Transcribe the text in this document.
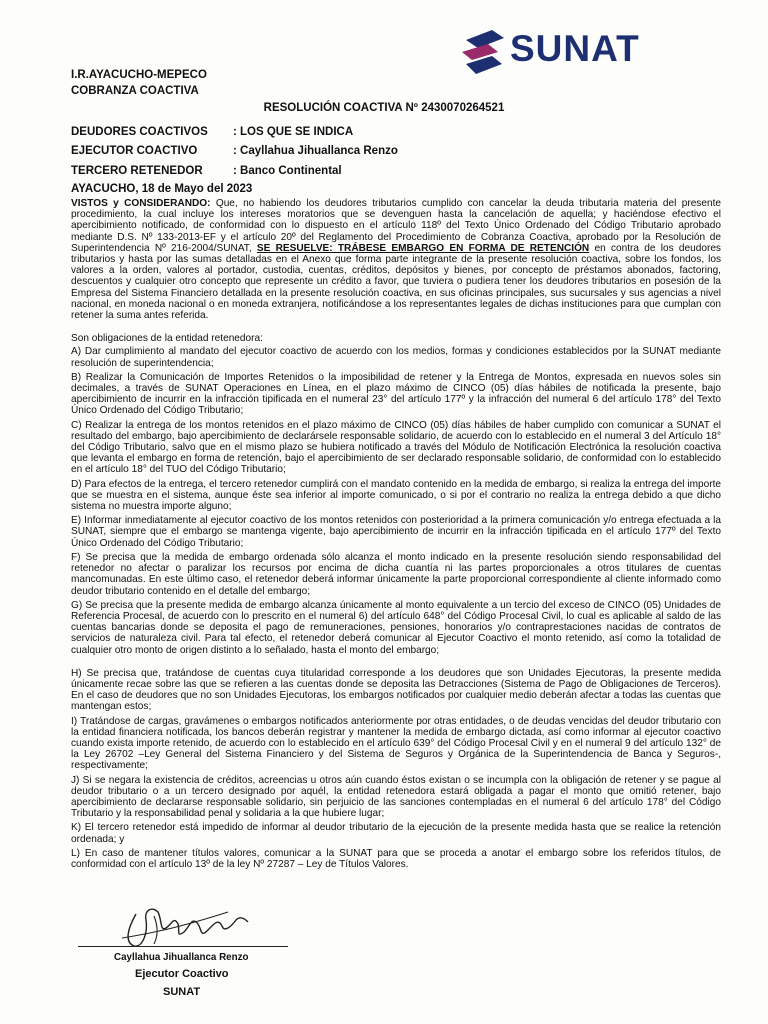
SUNAT
I.R.AYACUCHO-MEPECO
COBRANZA COACTIVA
RESOLUCIÓN COACTIVA Nº 2430070264521
DEUDORES COACTIVOS : LOS QUE SE INDICA
EJECUTOR COACTIVO	: Cayllahua Jihuallanca Renzo
TERCERO RETENEDOR	: Banco Continental
AYACUCHO, 18 de Mayo del 2023

VISTOS y CONSIDERANDO: Que, no habiendo los deudores tributarios cumplido con cancelar la deuda tributaria materia del presente procedimiento, la cual incluye los intereses moratorios que se devenguen hasta la cancelación de aquella; y haciéndose efectivo el apercibimiento notificado, de conformidad con lo dispuesto en el artículo 118º del Texto Único Ordenado del Código Tributario aprobado mediante D.S. Nº 133-2013-EF y el artículo 20º del Reglamento del Procedimiento de Cobranza Coactiva, aprobado por la Resolución de Superintendencia Nº 216-2004/SUNAT, SE RESUELVE: TRÁBESE EMBARGO EN FORMA DE RETENCIÓN en contra de los deudores tributarios y hasta por las sumas detalladas en el Anexo que forma parte integrante de la presente resolución coactiva, sobre los fondos, los valores a la orden, valores al portador, custodia, cuentas, créditos, depósitos y bienes, por concepto de préstamos abonados, factoring, descuentos y cualquier otro concepto que represente un crédito a favor, que tuviera o pudiera tener los deudores tributarios en posesión de la Empresa del Sistema Financiero detallada en la presente resolución coactiva, en sus oficinas principales, sus sucursales y sus agencias a nivel nacional, en moneda nacional o en moneda extranjera, notificándose a los representantes legales de dichas instituciones para que cumplan con retener la suma antes referida.

Son obligaciones de la entidad retenedora:

A) Dar cumplimiento al mandato del ejecutor coactivo de acuerdo con los medios, formas y condiciones establecidos por la SUNAT mediante resolución de superintendencia;

B) Realizar la Comunicación de Importes Retenidos o la imposibilidad de retener y la Entrega de Montos, expresada en nuevos soles sin decimales, a través de SUNAT Operaciones en Línea, en el plazo máximo de CINCO (05) días hábiles de notificada la presente, bajo apercibimiento de incurrir en la infracción tipificada en el numeral 23° del artículo 177º y la infracción del numeral 6 del artículo 178° del Texto Único Ordenado del Código Tributario;

C) Realizar la entrega de los montos retenidos en el plazo máximo de CINCO (05) días hábiles de haber cumplido con comunicar a SUNAT el resultado del embargo, bajo apercibimiento de declarársele responsable solidario, de acuerdo con lo establecido en el numeral 3 del Artículo 18° del Código Tributario, salvo que en el mismo plazo se hubiera notificado a través del Módulo de Notificación Electrónica la resolución coactiva que levanta el embargo en forma de retención, bajo el apercibimiento de ser declarado responsable solidario, de conformidad con lo establecido en el artículo 18° del TUO del Código Tributario;

D) Para efectos de la entrega, el tercero retenedor cumplirá con el mandato contenido en la medida de embargo, si realiza la entrega del importe que se muestra en el sistema, aunque éste sea inferior al importe comunicado, o si por el contrario no realiza la entrega debido a que dicho sistema no muestra importe alguno;

E) Informar inmediatamente al ejecutor coactivo de los montos retenidos con posterioridad a la primera comunicación y/o entrega efectuada a la SUNAT, siempre que el embargo se mantenga vigente, bajo apercibimiento de incurrir en la infracción tipificada en el artículo 177º del Texto Único Ordenado del Código Tributario;

F) Se precisa que la medida de embargo ordenada sólo alcanza el monto indicado en la presente resolución siendo responsabilidad del retenedor no afectar o paralizar los recursos por encima de dicha cuantía ni las partes proporcionales a otros titulares de cuentas mancomunadas. En este último caso, el retenedor deberá informar únicamente la parte proporcional correspondiente al cliente informado como deudor tributario contenido en el detalle del embargo;

G) Se precisa que la presente medida de embargo alcanza únicamente al monto equivalente a un tercio del exceso de CINCO (05) Unidades de Referencia Procesal, de acuerdo con lo prescrito en el numeral 6) del artículo 648° del Código Procesal Civil, lo cual es aplicable al saldo de las cuentas bancarias donde se deposita el pago de remuneraciones, pensiones, honorarios y/o contraprestaciones nacidas de contratos de servicios de naturaleza civil. Para tal efecto, el retenedor deberá comunicar al Ejecutor Coactivo el monto retenido, así como la totalidad de cualquier otro monto de origen distinto a lo señalado, hasta el monto del embargo;

H) Se precisa que, tratándose de cuentas cuya titularidad corresponde a los deudores que son Unidades Ejecutoras, la presente medida únicamente recae sobre las que se refieren a las cuentas donde se deposita las Detracciones (Sistema de Pago de Obligaciones de Terceros). En el caso de deudores que no son Unidades Ejecutoras, los embargos notificados por cualquier medio deberán afectar a todas las cuentas que mantengan estos;

I) Tratándose de cargas, gravámenes o embargos notificados anteriormente por otras entidades, o de deudas vencidas del deudor tributario con la entidad financiera notificada, los bancos deberán registrar y mantener la medida de embargo dictada, así como informar al ejecutor coactivo cuando exista importe retenido, de acuerdo con lo establecido en el artículo 639° del Código Procesal Civil y en el numeral 9 del artículo 132° de la Ley 26702 –Ley General del Sistema Financiero y del Sistema de Seguros y Orgánica de la Superintendencia de Banca y Seguros-, respectivamente;

J) Si se negara la existencia de créditos, acreencias u otros aún cuando éstos existan o se incumpla con la obligación de retener y se pague al deudor tributario o a un tercero designado por aquél, la entidad retenedora estará obligada a pagar el monto que omitió retener, bajo apercibimiento de declararse responsable solidario, sin perjuicio de las sanciones contempladas en el numeral 6 del artículo 178° del Código Tributario y la responsabilidad penal y solidaria a la que hubiere lugar;

K) El tercero retenedor está impedido de informar al deudor tributario de la ejecución de la presente medida hasta que se realice la retención ordenada; y

L) En caso de mantener títulos valores, comunicar a la SUNAT para que se proceda a anotar el embargo sobre los referidos títulos, de conformidad con el artículo 13º de la ley Nº 27287 – Ley de Títulos Valores.

Cayllahua Jihuallanca Renzo
Ejecutor Coactivo
SUNAT
